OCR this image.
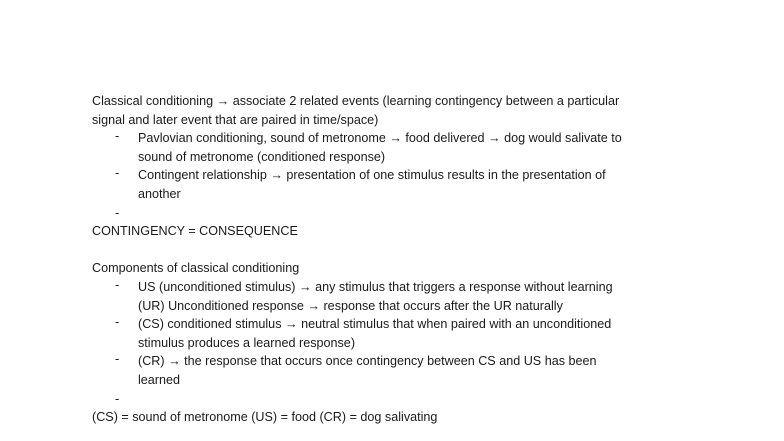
Classical conditioning → associate 2 related events (learning contingency between a particular
signal and later event that are paired in time/space)
- Pavlovian conditioning, sound of metronome → food delivered → dog would salivate to
sound of metronome (conditioned response)
- Contingent relationship → presentation of one stimulus results in the presentation of
another
-
CONTINGENCY = CONSEQUENCE
Components of classical conditioning
- US (unconditioned stimulus) → any stimulus that triggers a response without learning
(UR) Unconditioned response → response that occurs after the UR naturally
- (CS) conditioned stimulus → neutral stimulus that when paired with an unconditioned
stimulus produces a learned response)
- (CR) → the response that occurs once contingency between CS and US has been
learned
-
(CS) = sound of metronome (US) = food (CR) = dog salivating
